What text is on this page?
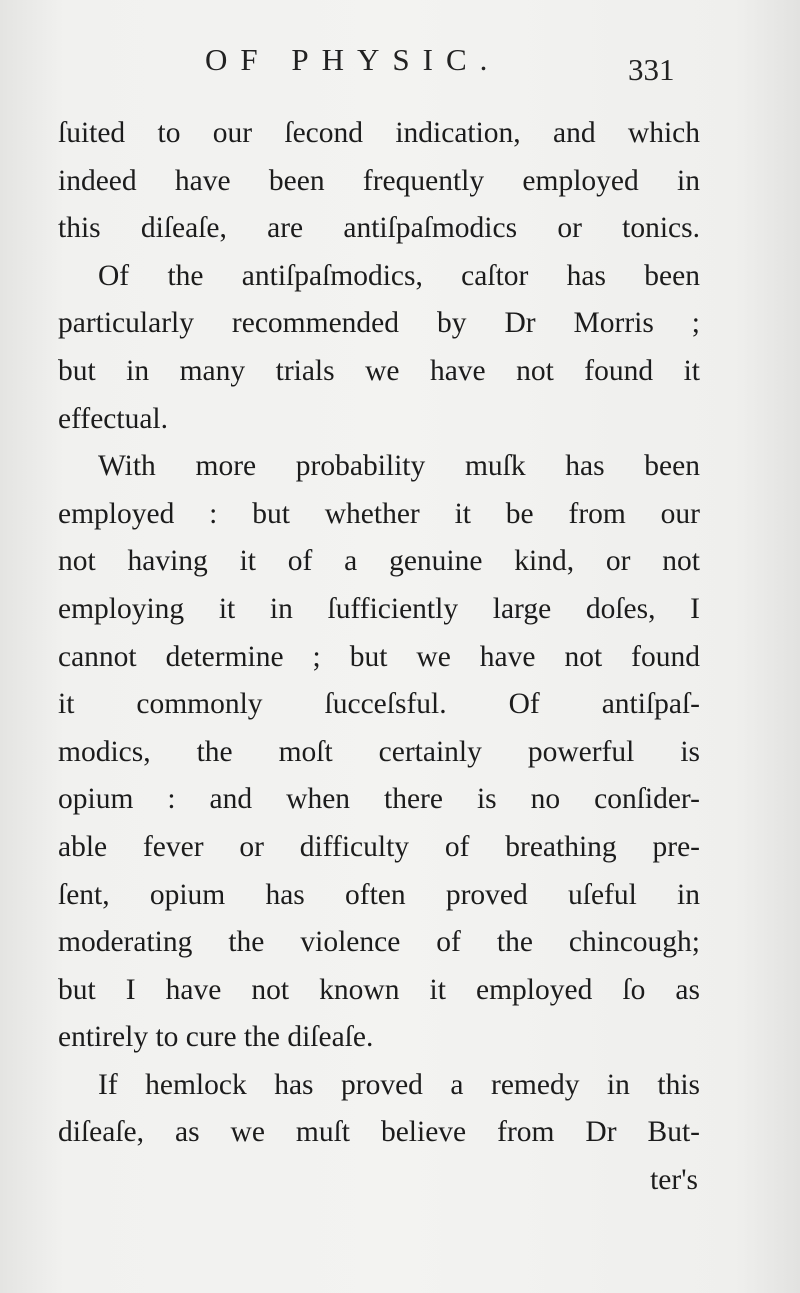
OF PHYSIC.	331
ſuited to our ſecond indication, and which
indeed have been frequently employed in
this diſeaſe, are antiſpaſmodics or tonics.
Of the antiſpaſmodics, caſtor has been
particularly recommended by Dr Morris ;
but in many trials we have not found it
effectual.
With more probability muſk has been
employed : but whether it be from our
not having it of a genuine kind, or not
employing it in ſufficiently large doſes, I
cannot determine ; but we have not found
it commonly ſucceſsful. Of antiſpaſ-
modics, the moſt certainly powerful is
opium : and when there is no conſider-
able fever or difficulty of breathing pre-
ſent, opium has often proved uſeful in
moderating the violence of the chincough;
but I have not known it employed ſo as
entirely to cure the diſeaſe.
If hemlock has proved a remedy in this
diſeaſe, as we muſt believe from Dr But-
ter's
